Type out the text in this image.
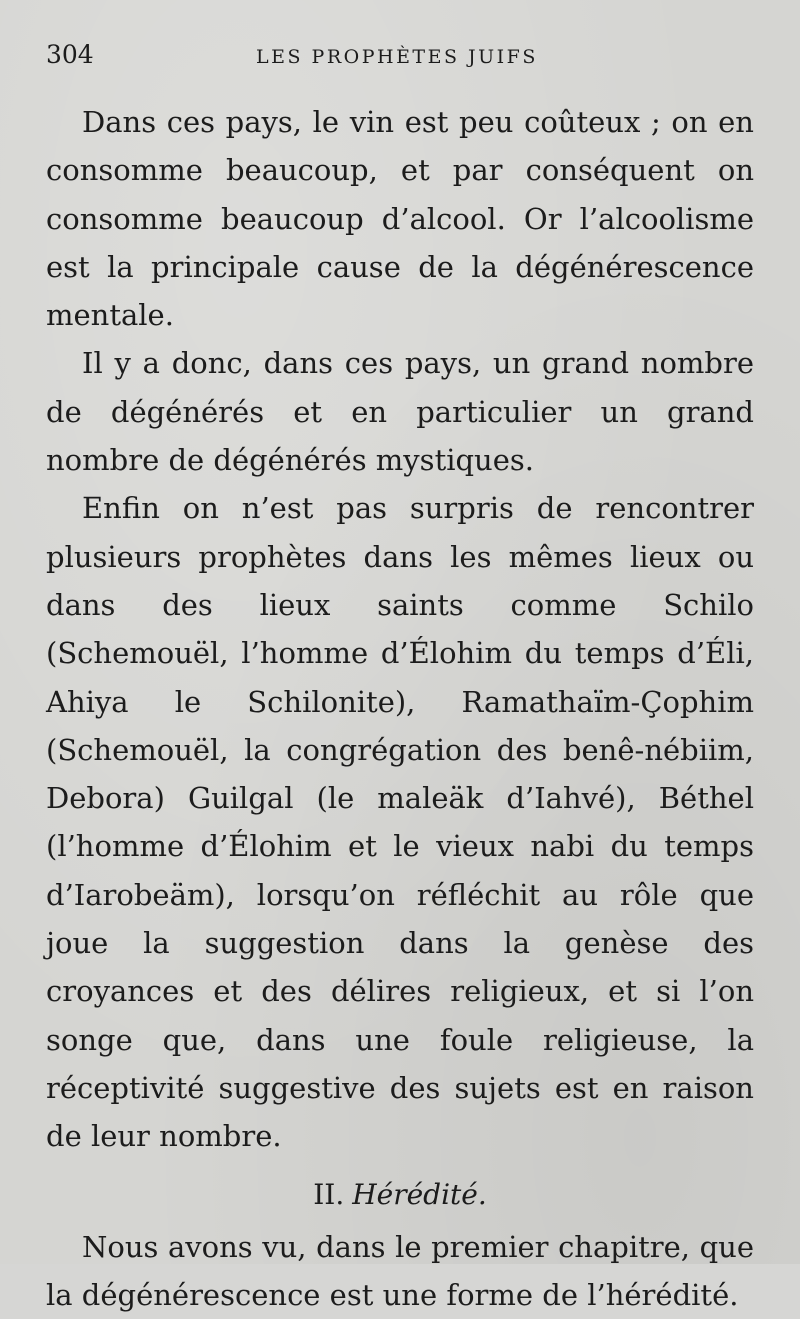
304	LES PROPHÈTES JUIFS

Dans ces pays, le vin est peu coûteux ; on en consomme beaucoup, et par conséquent on consomme beaucoup d’alcool. Or l’alcoolisme est la principale cause de la dégénérescence mentale.

Il y a donc, dans ces pays, un grand nombre de dégénérés et en particulier un grand nombre de dégénérés mystiques.

Enfin on n’est pas surpris de rencontrer plusieurs prophètes dans les mêmes lieux ou dans des lieux saints comme Schilo (Schemouël, l’homme d’Élohim du temps d’Éli, Ahiya le Schilonite), Ramathaïm-Çophim (Schemouël, la congrégation des benê-nébiim, Debora) Guilgal (le maleäk d’Iahvé), Béthel (l’homme d’Élohim et le vieux nabi du temps d’Iarobeäm), lorsqu’on réfléchit au rôle que joue la suggestion dans la genèse des croyances et des délires religieux, et si l’on songe que, dans une foule religieuse, la réceptivité suggestive des sujets est en raison de leur nombre.

II. Hérédité.

Nous avons vu, dans le premier chapitre, que la dégénérescence est une forme de l’hérédité.
